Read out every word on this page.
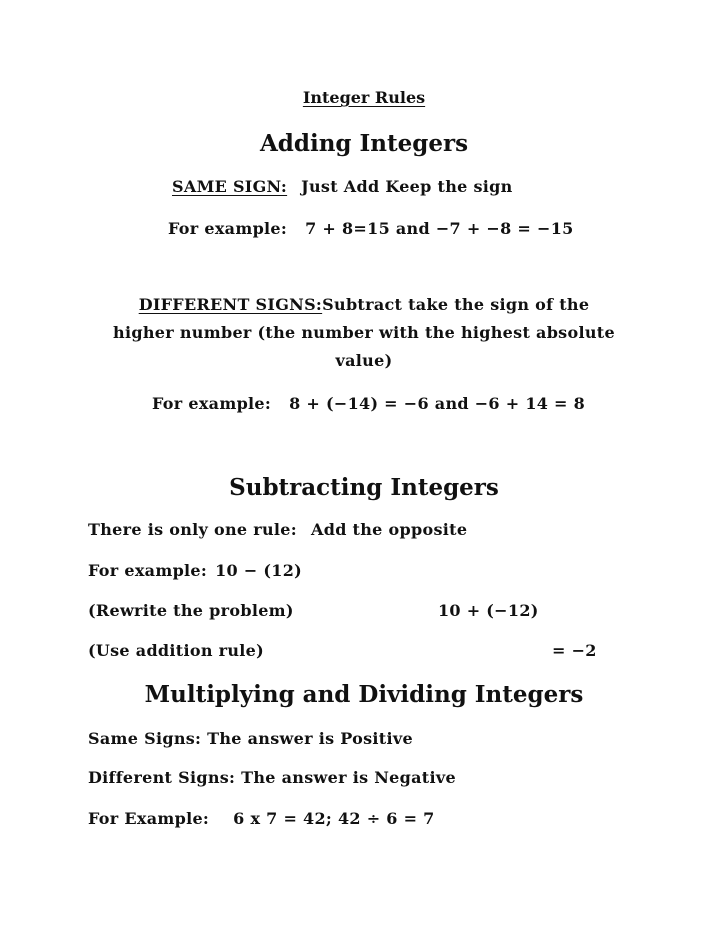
Integer Rules
Adding Integers
SAME SIGN: Just Add Keep the sign
For example: 7 + 8=15 and −7 + −8 = −15
DIFFERENT SIGNS:Subtract take the sign of the
higher number (the number with the highest absolute
value)
For example: 8 + (−14) = −6 and −6 + 14 = 8
Subtracting Integers
There is only one rule: Add the opposite
For example: 10 − (12)
(Rewrite the problem)	10 + (−12)
(Use addition rule)	= −2
Multiplying and Dividing Integers
Same Signs: The answer is Positive
Different Signs: The answer is Negative
For Example: 6 x 7 = 42; 42 ÷ 6 = 7
